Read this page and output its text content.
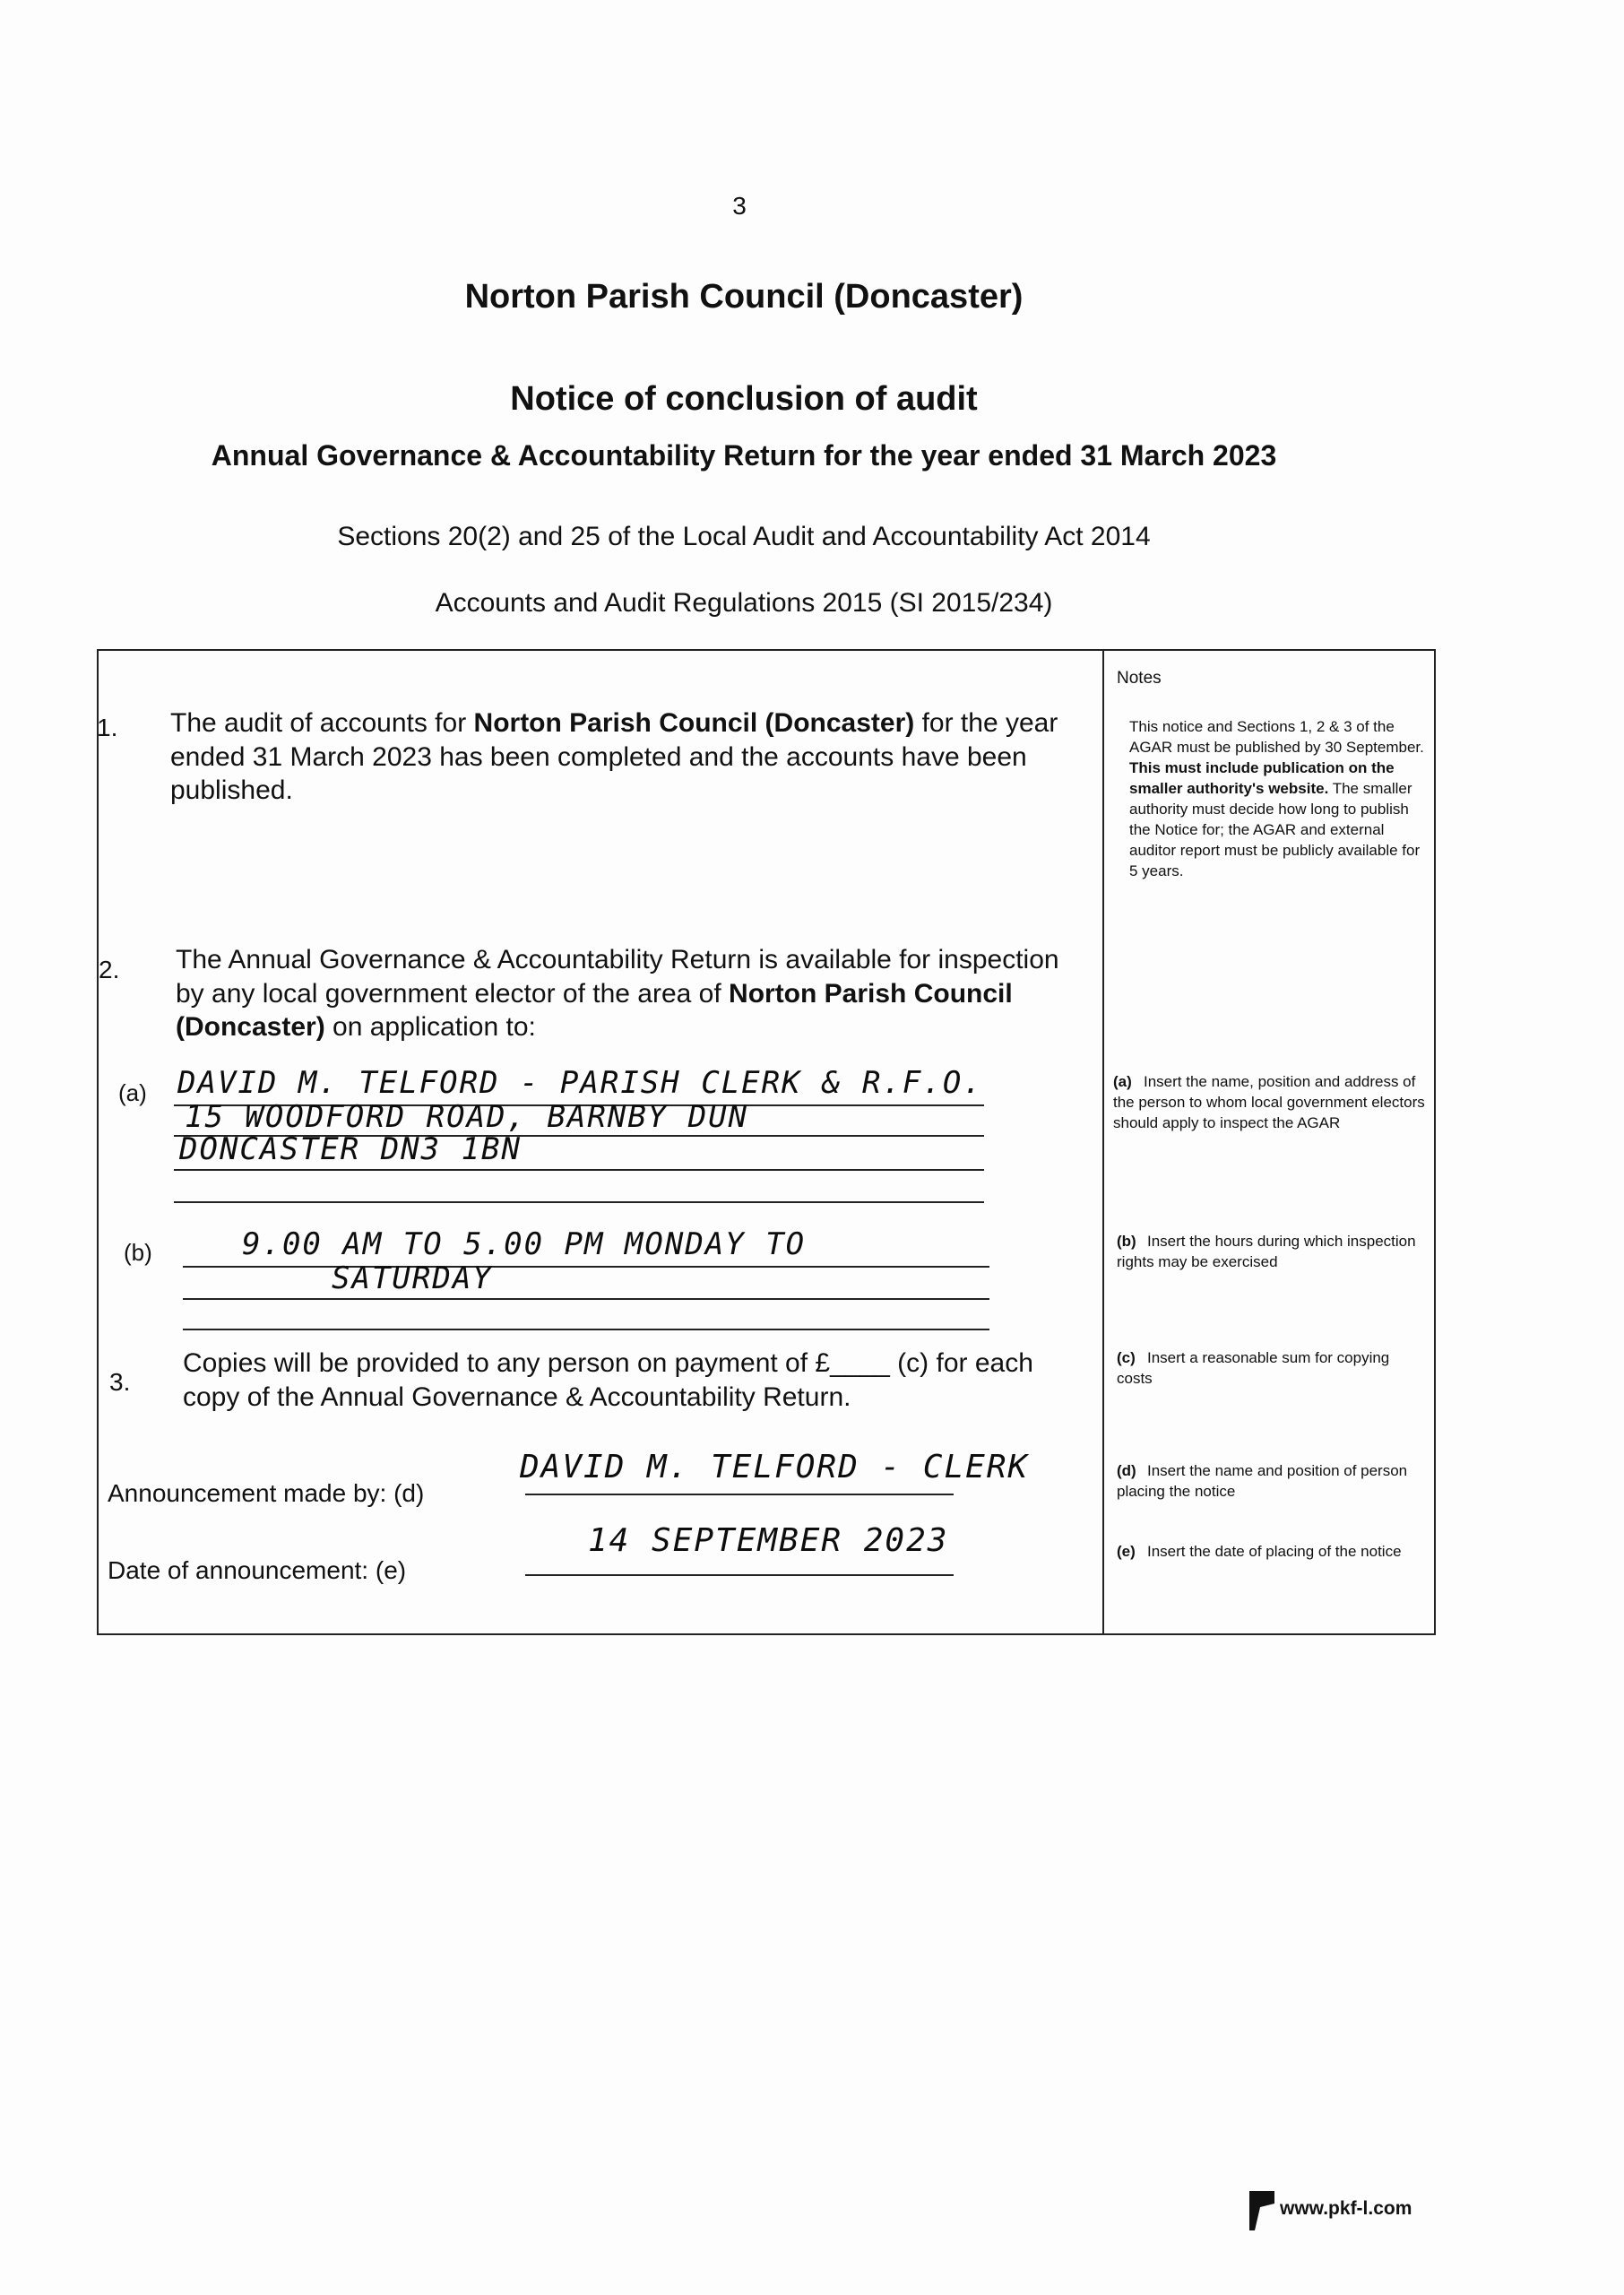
3
Norton Parish Council (Doncaster)
Notice of conclusion of audit
Annual Governance & Accountability Return for the year ended 31 March 2023
Sections 20(2) and 25 of the Local Audit and Accountability Act 2014
Accounts and Audit Regulations 2015 (SI 2015/234)
1.	The audit of accounts for Norton Parish Council (Doncaster) for the year ended 31 March 2023 has been completed and the accounts have been published.
2.	The Annual Governance & Accountability Return is available for inspection by any local government elector of the area of Norton Parish Council (Doncaster) on application to:
(a) DAVID M. TELFORD - PARISH CLERK & R.F.O.
15 WOODFORD ROAD, BARNBY DUN
DONCASTER DN3 1BN
(b)	9.00 AM TO 5.00 PM MONDAY TO
SATURDAY
3.
Copies will be provided to any person on payment of £____ (c) for each copy of the Annual Governance & Accountability Return.
Announcement made by: (d)
DAVID M. TELFORD - CLERK
Date of announcement: (e)
14 SEPTEMBER 2023
Notes
This notice and Sections 1, 2 & 3 of the AGAR must be published by 30 September. This must include publication on the smaller authority's website. The smaller authority must decide how long to publish the Notice for; the AGAR and external auditor report must be publicly available for 5 years.
(a) Insert the name, position and address of the person to whom local government electors should apply to inspect the AGAR
(b) Insert the hours during which inspection rights may be exercised
(c) Insert a reasonable sum for copying costs
(d) Insert the name and position of person placing the notice
(e) Insert the date of placing of the notice
www.pkf-l.com
